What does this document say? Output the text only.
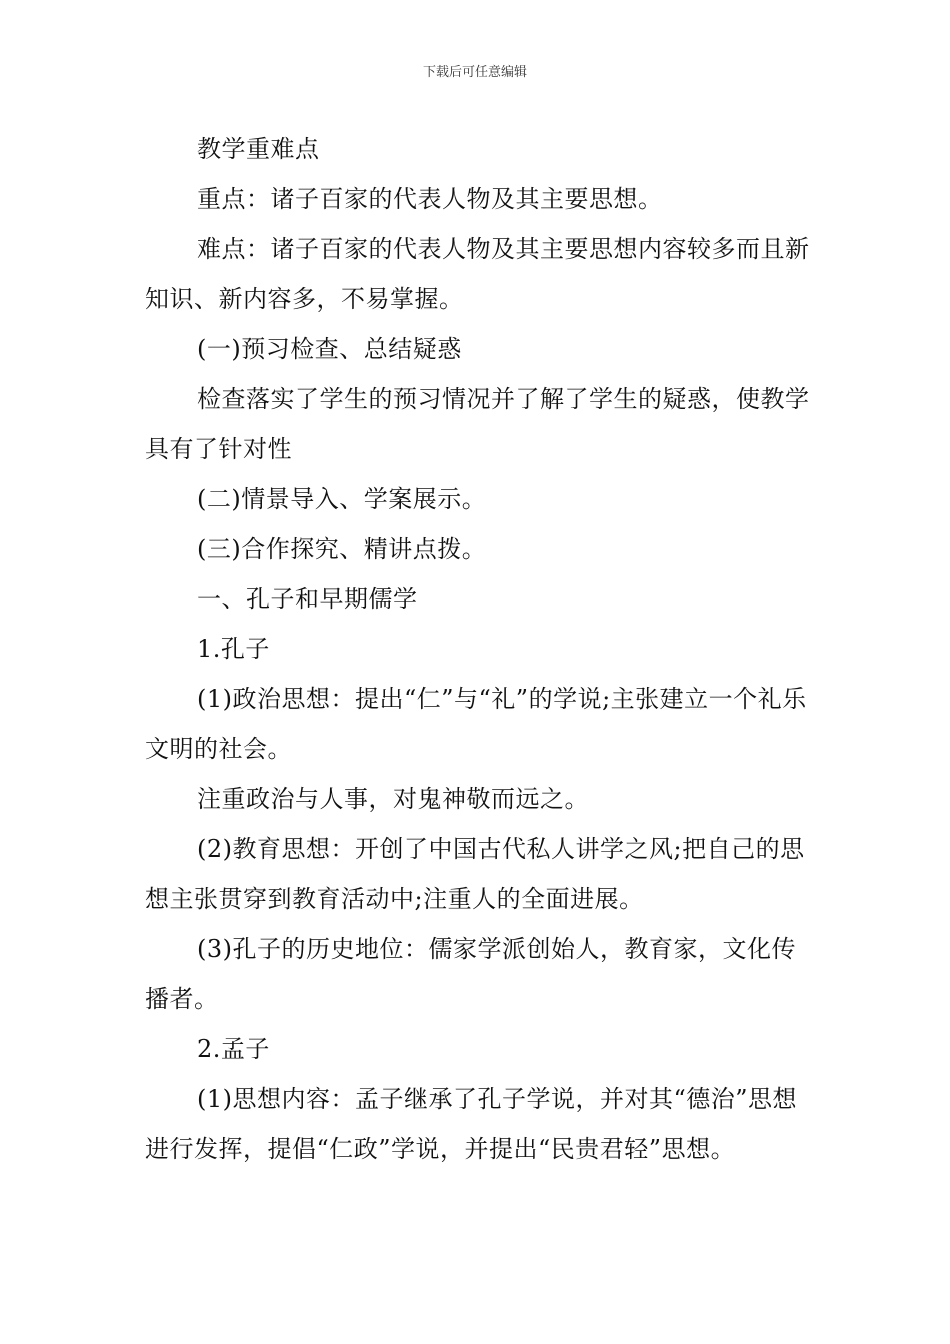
下载后可任意编辑

教学重难点

重点：诸子百家的代表人物及其主要思想。

难点：诸子百家的代表人物及其主要思想内容较多而且新知识、新内容多，不易掌握。

(一)预习检查、总结疑惑

检查落实了学生的预习情况并了解了学生的疑惑，使教学具有了针对性

(二)情景导入、学案展示。

(三)合作探究、精讲点拨。

一、孔子和早期儒学

1.孔子

(1)政治思想：提出“仁”与“礼”的学说;主张建立一个礼乐文明的社会。

注重政治与人事，对鬼神敬而远之。

(2)教育思想：开创了中国古代私人讲学之风;把自己的思想主张贯穿到教育活动中;注重人的全面进展。

(3)孔子的历史地位：儒家学派创始人，教育家，文化传播者。

2.孟子

(1)思想内容：孟子继承了孔子学说，并对其“德治”思想进行发挥，提倡“仁政”学说，并提出“民贵君轻”思想。
